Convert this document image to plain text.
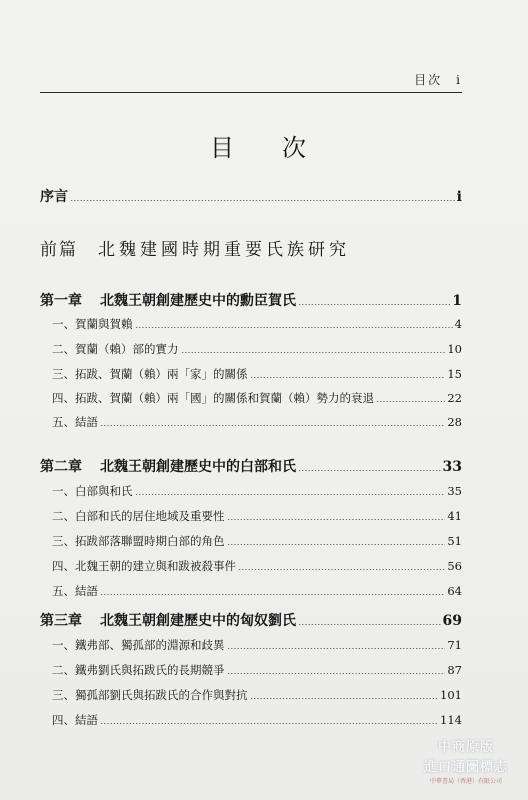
目次　i
目　次
序言	i
前篇 北魏建國時期重要氏族研究
第一章 北魏王朝創建歷史中的勳臣賀氏	1
一、賀蘭與賀賴	4
二、賀蘭（賴）部的實力	10
三、拓跋、賀蘭（賴）兩「家」的關係	15
四、拓跋、賀蘭（賴）兩「國」的關係和賀蘭（賴）勢力的衰退	22
五、結語	28
第二章 北魏王朝創建歷史中的白部和氏	33
一、白部與和氏	35
二、白部和氏的居住地域及重要性	41
三、拓跋部落聯盟時期白部的角色	51
四、北魏王朝的建立與和跋被殺事件	56
五、結語	64
第三章 北魏王朝創建歷史中的匈奴劉氏	69
一、鐵弗部、獨孤部的淵源和歧異	71
二、鐵弗劉氏與拓跋氏的長期競爭	87
三、獨孤部劉氏與拓跋氏的合作與對抗	101
四、結語	114
中商原版
進口通圖標志
中華書局（香港）有限公司
